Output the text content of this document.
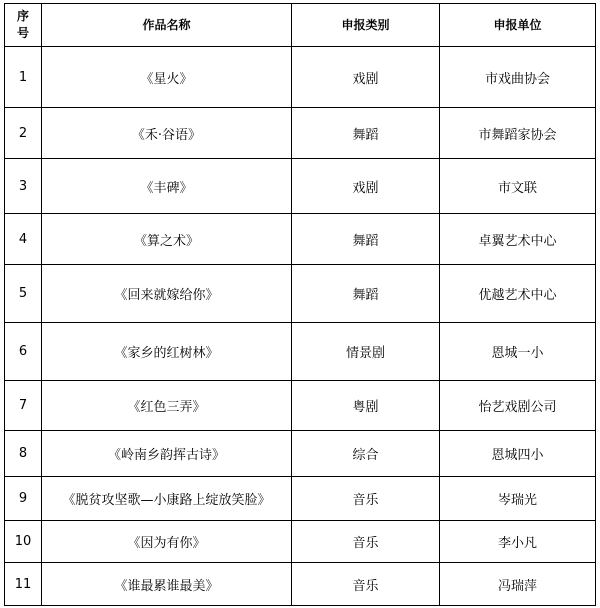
序号	作品名称	申报类别	申报单位
1	《星火》	戏剧	市戏曲协会
2	《禾·谷语》	舞蹈	市舞蹈家协会
3	《丰碑》	戏剧	市文联
4	《算之术》	舞蹈	卓翼艺术中心
5	《回来就嫁给你》	舞蹈	优越艺术中心
6	《家乡的红树林》	情景剧	恩城一小
7	《红色三弄》	粤剧	怡艺戏剧公司
8	《岭南乡韵挥古诗》	综合	恩城四小
9	《脱贫攻坚歌—小康路上绽放笑脸》	音乐	岑瑞光
10	《因为有你》	音乐	李小凡
11	《谁最累谁最美》	音乐	冯瑞萍
